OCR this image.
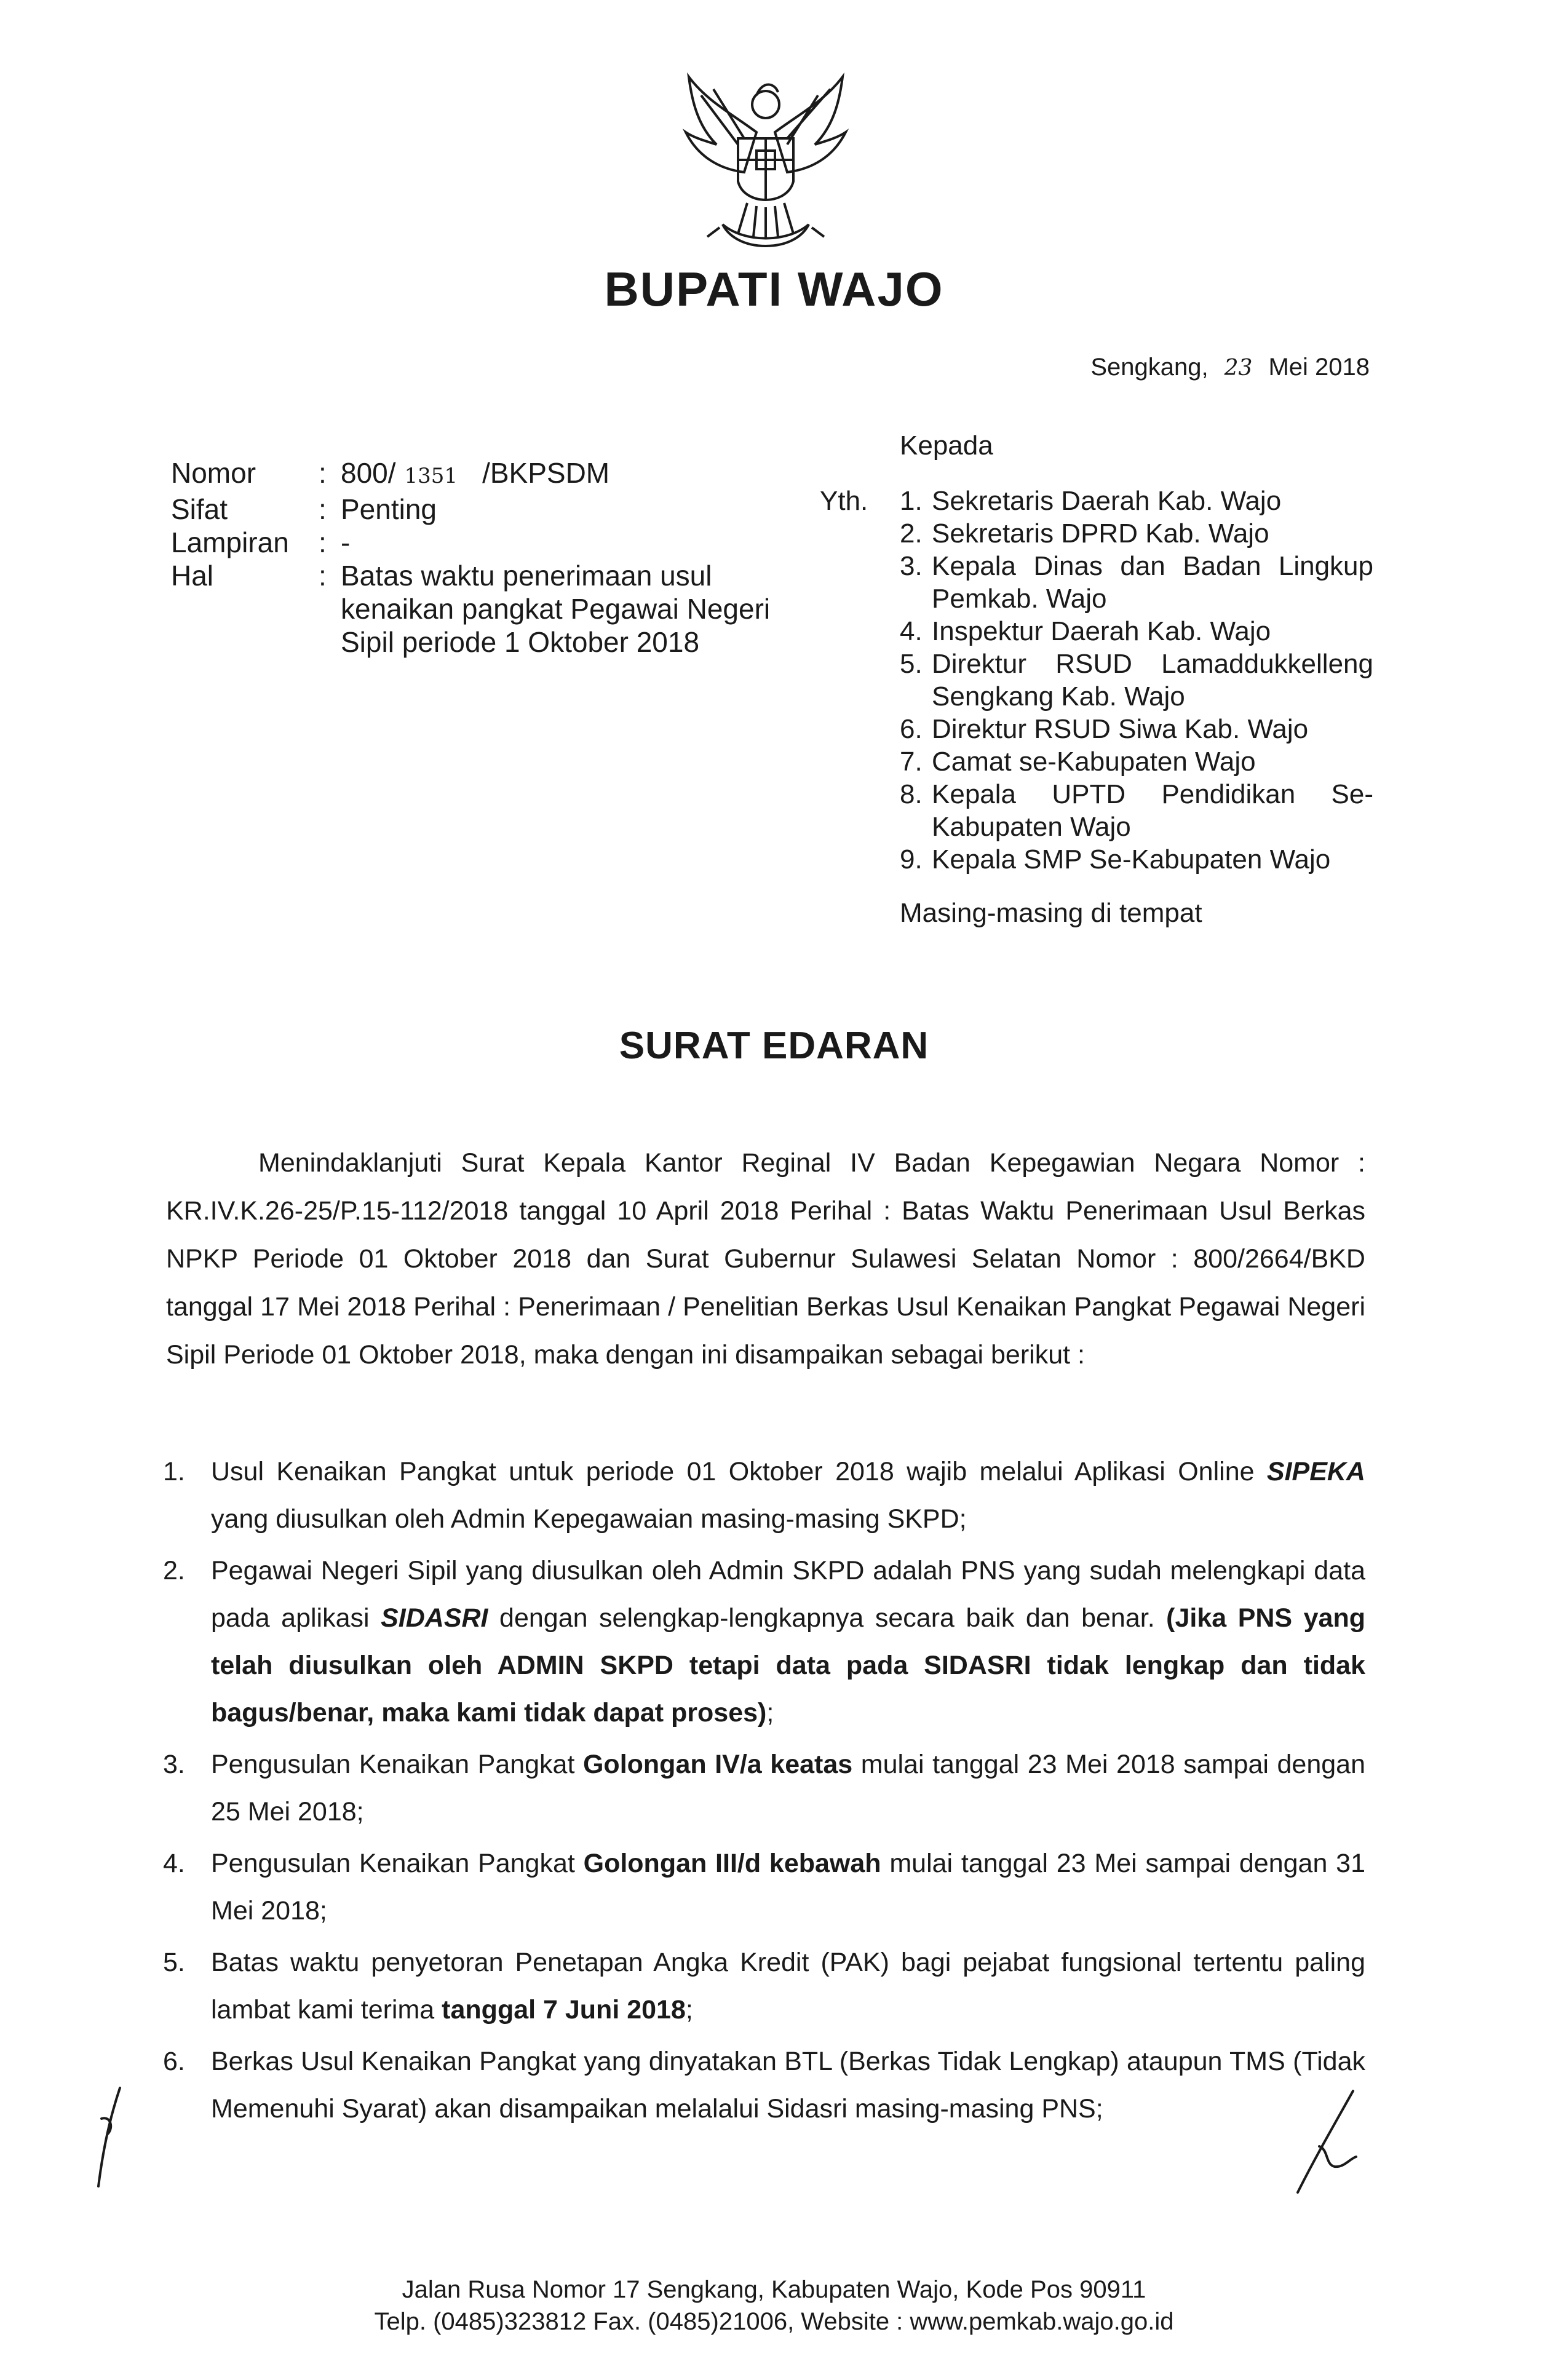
BUPATI WAJO
Sengkang, 23 Mei 2018
Nomor	: 800/ 1351 /BKPSDM
Sifat	: Penting
Lampiran	: -
Hal	: Batas waktu penerimaan usul
kenaikan pangkat Pegawai Negeri
Sipil periode 1 Oktober 2018
Kepada
Yth. 1. Sekretaris Daerah Kab. Wajo
2. Sekretaris DPRD Kab. Wajo
3. Kepala Dinas dan Badan Lingkup Pemkab. Wajo
4. Inspektur Daerah Kab. Wajo
5. Direktur RSUD Lamaddukkelleng Sengkang Kab. Wajo
6. Direktur RSUD Siwa Kab. Wajo
7. Camat se-Kabupaten Wajo
8. Kepala UPTD Pendidikan Se-Kabupaten Wajo
9. Kepala SMP Se-Kabupaten Wajo
Masing-masing di tempat
SURAT EDARAN
Menindaklanjuti Surat Kepala Kantor Reginal IV Badan Kepegawian Negara Nomor : KR.IV.K.26-25/P.15-112/2018 tanggal 10 April 2018 Perihal : Batas Waktu Penerimaan Usul Berkas NPKP Periode 01 Oktober 2018 dan Surat Gubernur Sulawesi Selatan Nomor : 800/2664/BKD tanggal 17 Mei 2018 Perihal : Penerimaan / Penelitian Berkas Usul Kenaikan Pangkat Pegawai Negeri Sipil Periode 01 Oktober 2018, maka dengan ini disampaikan sebagai berikut :
1. Usul Kenaikan Pangkat untuk periode 01 Oktober 2018 wajib melalui Aplikasi Online SIPEKA yang diusulkan oleh Admin Kepegawaian masing-masing SKPD;
2. Pegawai Negeri Sipil yang diusulkan oleh Admin SKPD adalah PNS yang sudah melengkapi data pada aplikasi SIDASRI dengan selengkap-lengkapnya secara baik dan benar. (Jika PNS yang telah diusulkan oleh ADMIN SKPD tetapi data pada SIDASRI tidak lengkap dan tidak bagus/benar, maka kami tidak dapat proses);
3. Pengusulan Kenaikan Pangkat Golongan IV/a keatas mulai tanggal 23 Mei 2018 sampai dengan 25 Mei 2018;
4. Pengusulan Kenaikan Pangkat Golongan III/d kebawah mulai tanggal 23 Mei sampai dengan 31 Mei 2018;
5. Batas waktu penyetoran Penetapan Angka Kredit (PAK) bagi pejabat fungsional tertentu paling lambat kami terima tanggal 7 Juni 2018;
6. Berkas Usul Kenaikan Pangkat yang dinyatakan BTL (Berkas Tidak Lengkap) ataupun TMS (Tidak Memenuhi Syarat) akan disampaikan melalalui Sidasri masing-masing PNS;
Jalan Rusa Nomor 17 Sengkang, Kabupaten Wajo, Kode Pos 90911
Telp. (0485)323812 Fax. (0485)21006, Website : www.pemkab.wajo.go.id
